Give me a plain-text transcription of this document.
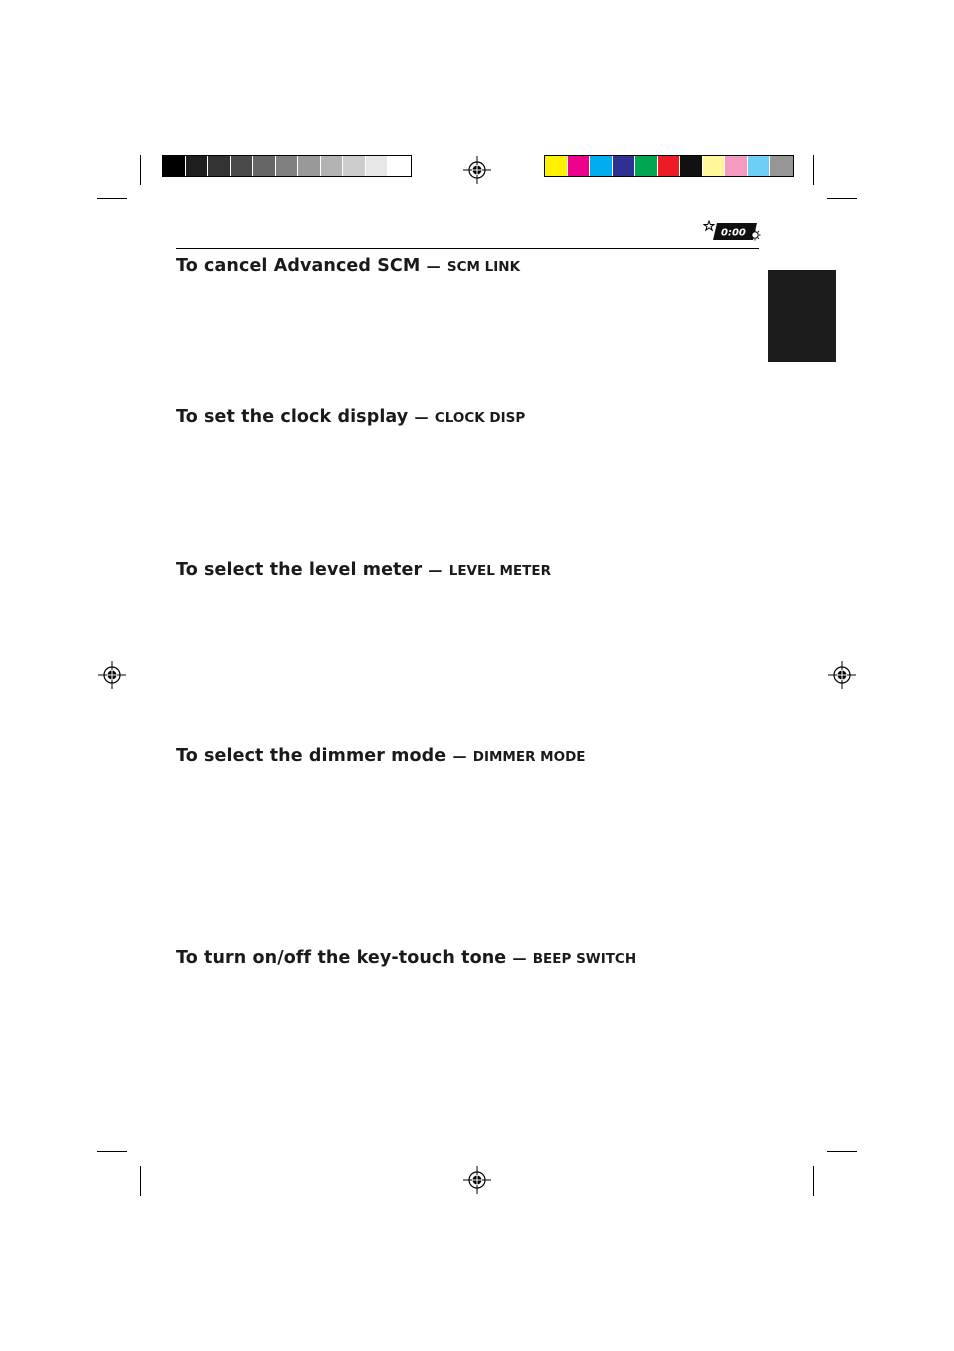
0:00
To cancel Advanced SCM — SCM LINK
To set the clock display — CLOCK DISP
To select the level meter — LEVEL METER
To select the dimmer mode — DIMMER MODE
To turn on/off the key-touch tone — BEEP SWITCH
